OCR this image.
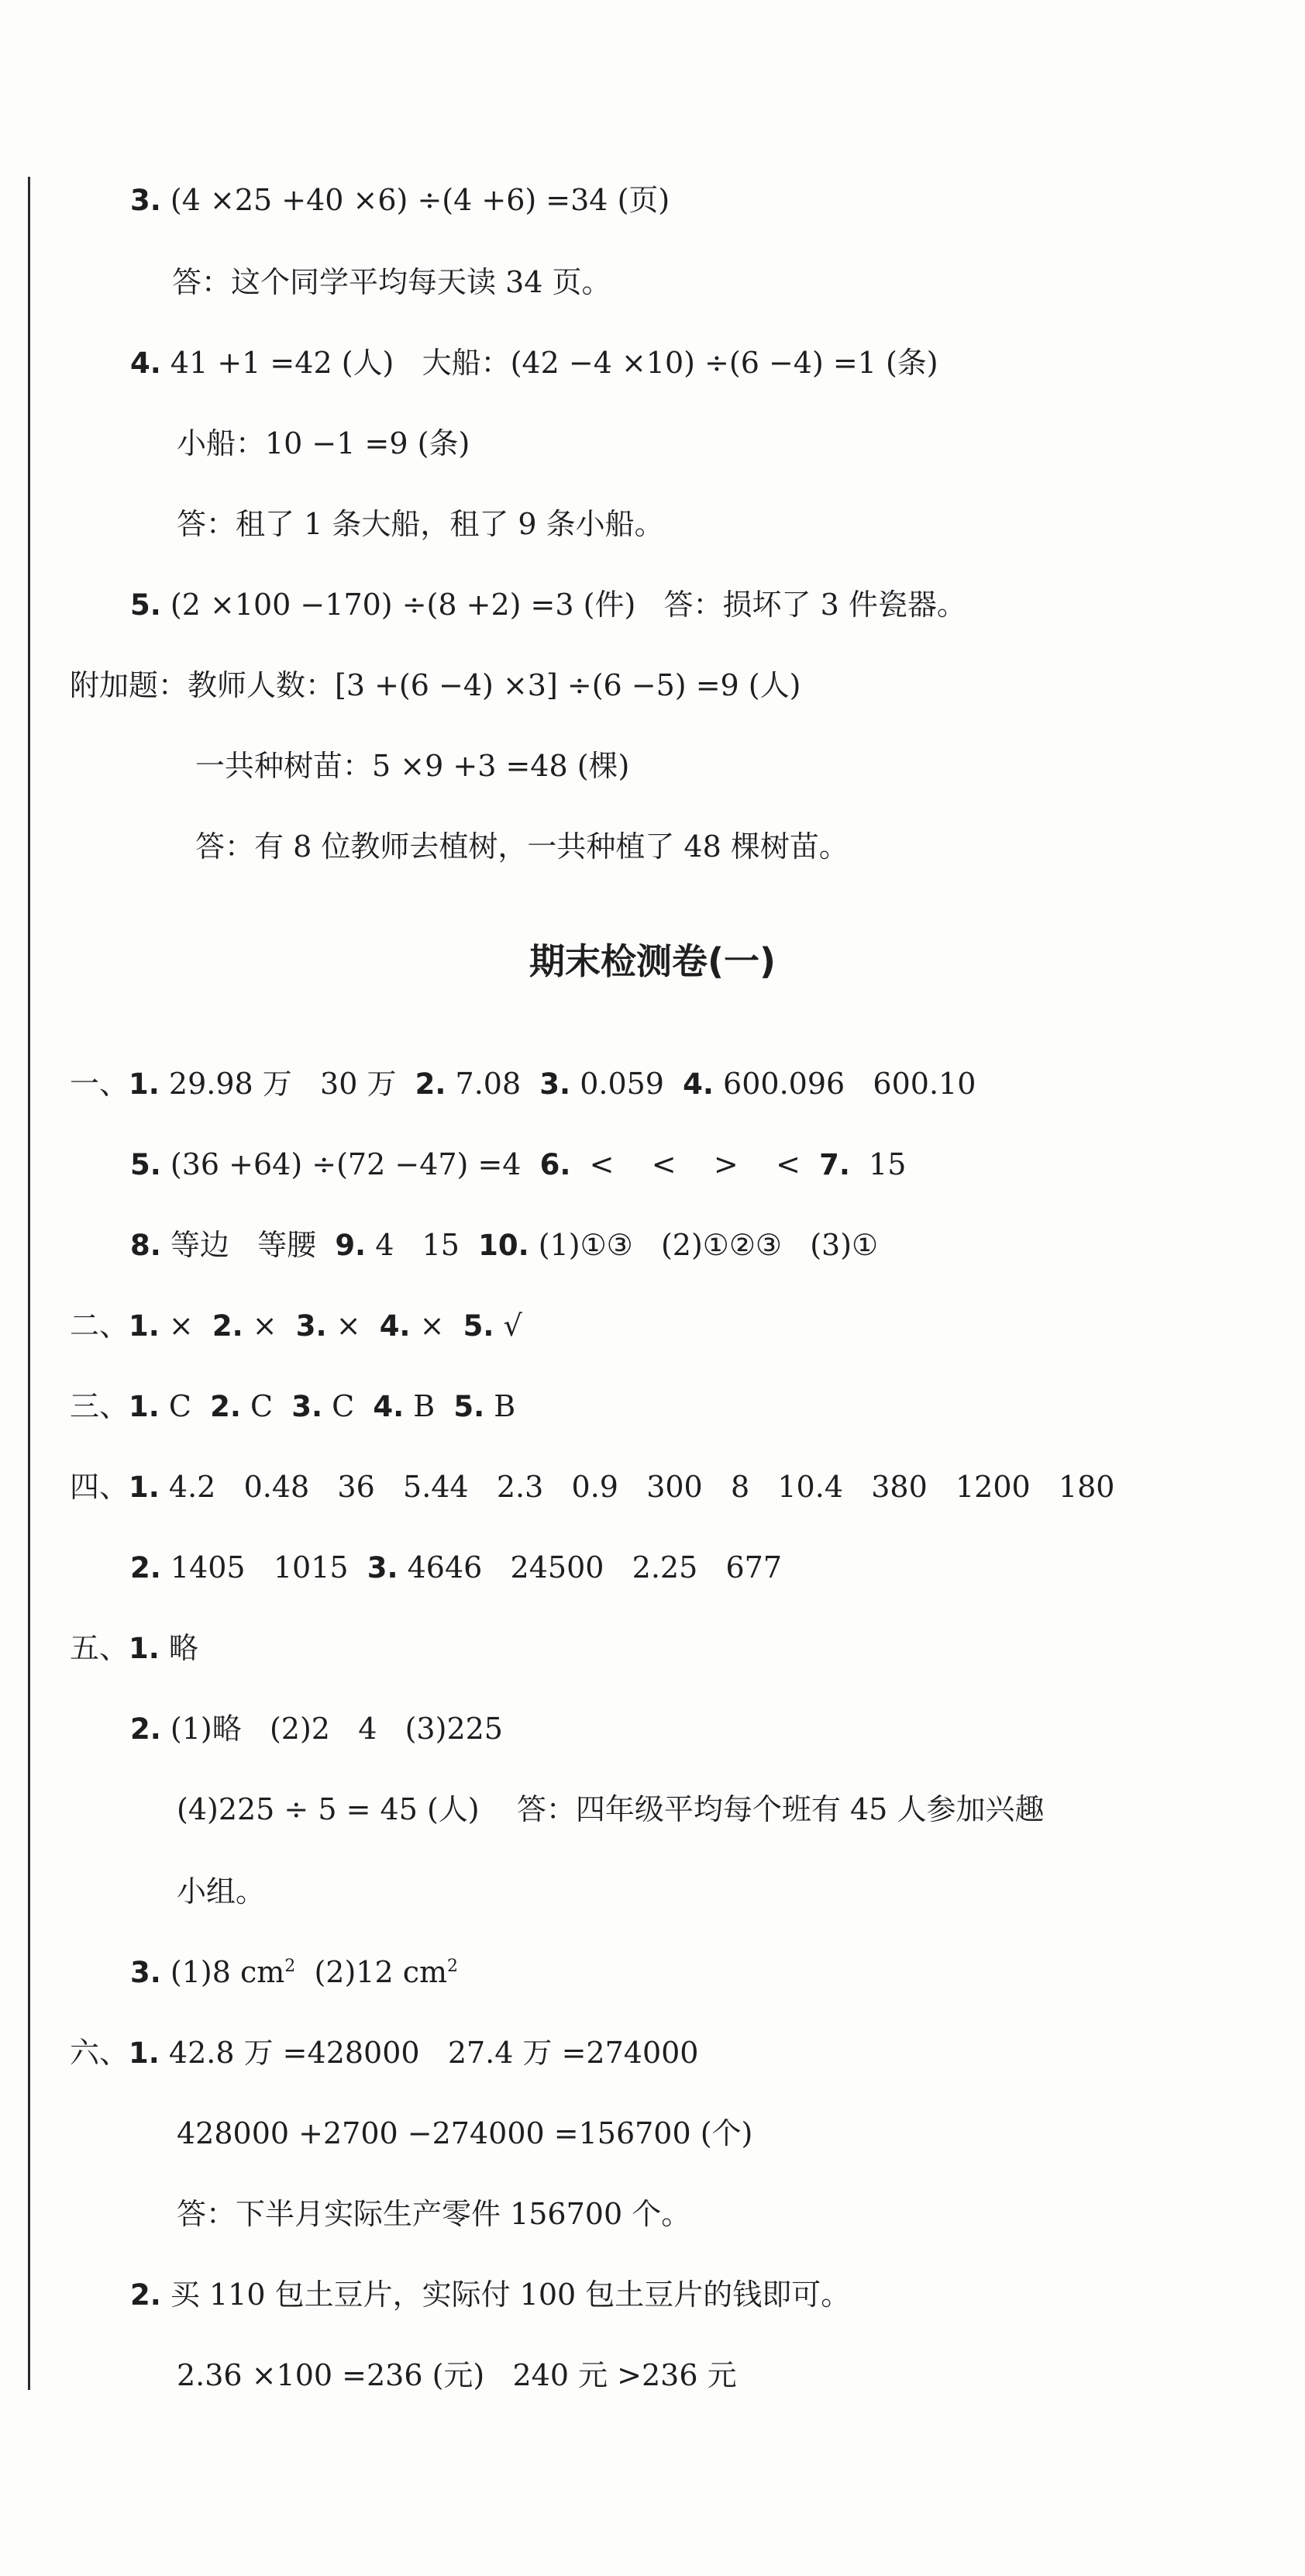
3. (4 ×25 +40 ×6) ÷(4 +6) =34 (页)
答：这个同学平均每天读 34 页。
4. 41 +1 =42 (人)   大船：(42 −4 ×10) ÷(6 −4) =1 (条)
小船：10 −1 =9 (条)
答：租了 1 条大船，租了 9 条小船。
5. (2 ×100 −170) ÷(8 +2) =3 (件)   答：损坏了 3 件瓷器。
附加题：教师人数：[3 +(6 −4) ×3] ÷(6 −5) =9 (人)
一共种树苗：5 ×9 +3 =48 (棵)
答：有 8 位教师去植树，一共种植了 48 棵树苗。
期末检测卷(一)
一、1. 29.98 万   30 万  2. 7.08  3. 0.059  4. 600.096   600.10
5. (36 +64) ÷(72 −47) =4  6.  <    <    >    <  7.  15
8. 等边   等腰  9. 4   15  10. (1)①③   (2)①②③   (3)①
二、1. ×  2. ×  3. ×  4. ×  5. √
三、1. C  2. C  3. C  4. B  5. B
四、1. 4.2   0.48   36   5.44   2.3   0.9   300   8   10.4   380   1200   180
2. 1405   1015  3. 4646   24500   2.25   677
五、1. 略
2. (1)略   (2)2   4   (3)225
(4)225 ÷ 5 = 45 (人)    答：四年级平均每个班有 45 人参加兴趣
小组。
3. (1)8 $cm^2$  (2)12 $cm^2$
六、1. 42.8 万 =428000   27.4 万 =274000
428000 +2700 −274000 =156700 (个)
答：下半月实际生产零件 156700 个。
2. 买 110 包土豆片，实际付 100 包土豆片的钱即可。
2.36 ×100 =236 (元)   240 元 >236 元
